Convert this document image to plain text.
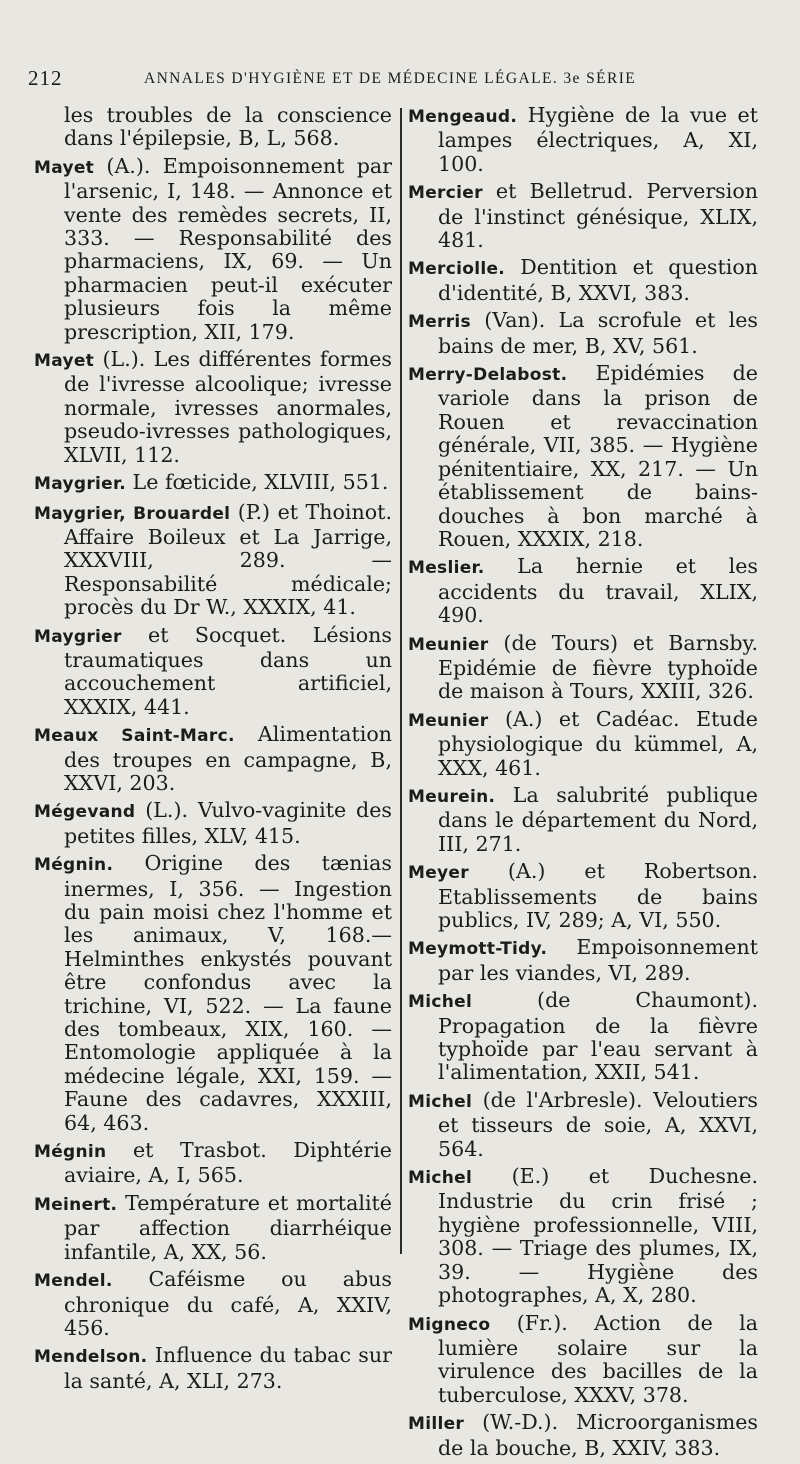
212	ANNALES D'HYGIÈNE ET DE MÉDECINE LÉGALE. 3e SÉRIE
les troubles de la conscience dans l'épilepsie, B, L, 568.
Mayet (A.). Empoisonnement par l'arsenic, I, 148. — Annonce et vente des remèdes secrets, II, 333. — Responsabilité des pharmaciens, IX, 69. — Un pharmacien peut-il exécuter plusieurs fois la même prescription, XII, 179.
Mayet (L.). Les différentes formes de l'ivresse alcoolique; ivresse normale, ivresses anormales, pseudo-ivresses pathologiques, XLVII, 112.
Maygrier. Le fœticide, XLVIII, 551.
Maygrier, Brouardel (P.) et Thoinot. Affaire Boileux et La Jarrige, XXXVIII, 289. — Responsabilité médicale; procès du Dr W., XXXIX, 41.
Maygrier et Socquet. Lésions traumatiques dans un accouchement artificiel, XXXIX, 441.
Meaux Saint-Marc. Alimentation des troupes en campagne, B, XXVI, 203.
Mégevand (L.). Vulvo-vaginite des petites filles, XLV, 415.
Mégnin. Origine des tænias inermes, I, 356. — Ingestion du pain moisi chez l'homme et les animaux, V, 168.— Helminthes enkystés pouvant être confondus avec la trichine, VI, 522. — La faune des tombeaux, XIX, 160. —Entomologie appliquée à la médecine légale, XXI, 159. — Faune des cadavres, XXXIII, 64, 463.
Mégnin et Trasbot. Diphtérie aviaire, A, I, 565.
Meinert. Température et mortalité par affection diarrhéique infantile, A, XX, 56.
Mendel. Caféisme ou abus chronique du café, A, XXIV, 456.
Mendelson. Influence du tabac sur la santé, A, XLI, 273.
Mengeaud. Hygiène de la vue et lampes électriques, A, XI, 100.
Mercier et Belletrud. Perversion de l'instinct génésique, XLIX, 481.
Merciolle. Dentition et question d'identité, B, XXVI, 383.
Merris (Van). La scrofule et les bains de mer, B, XV, 561.
Merry-Delabost. Epidémies de variole dans la prison de Rouen et revaccination générale, VII, 385. — Hygiène pénitentiaire, XX, 217. — Un établissement de bains-douches à bon marché à Rouen, XXXIX, 218.
Meslier. La hernie et les accidents du travail, XLIX, 490.
Meunier (de Tours) et Barnsby. Epidémie de fièvre typhoïde de maison à Tours, XXIII, 326.
Meunier (A.) et Cadéac. Etude physiologique du kümmel, A, XXX, 461.
Meurein. La salubrité publique dans le département du Nord, III, 271.
Meyer (A.) et Robertson. Etablissements de bains publics, IV, 289; A, VI, 550.
Meymott-Tidy. Empoisonnement par les viandes, VI, 289.
Michel (de Chaumont). Propagation de la fièvre typhoïde par l'eau servant à l'alimentation, XXII, 541.
Michel (de l'Arbresle). Veloutiers et tisseurs de soie, A, XXVI, 564.
Michel (E.) et Duchesne. Industrie du crin frisé ; hygiène professionnelle, VIII, 308. — Triage des plumes, IX, 39. — Hygiène des photographes, A, X, 280.
Migneco (Fr.). Action de la lumière solaire sur la virulence des bacilles de la tuberculose, XXXV, 378.
Miller (W.-D.). Microorganismes de la bouche, B, XXIV, 383.
